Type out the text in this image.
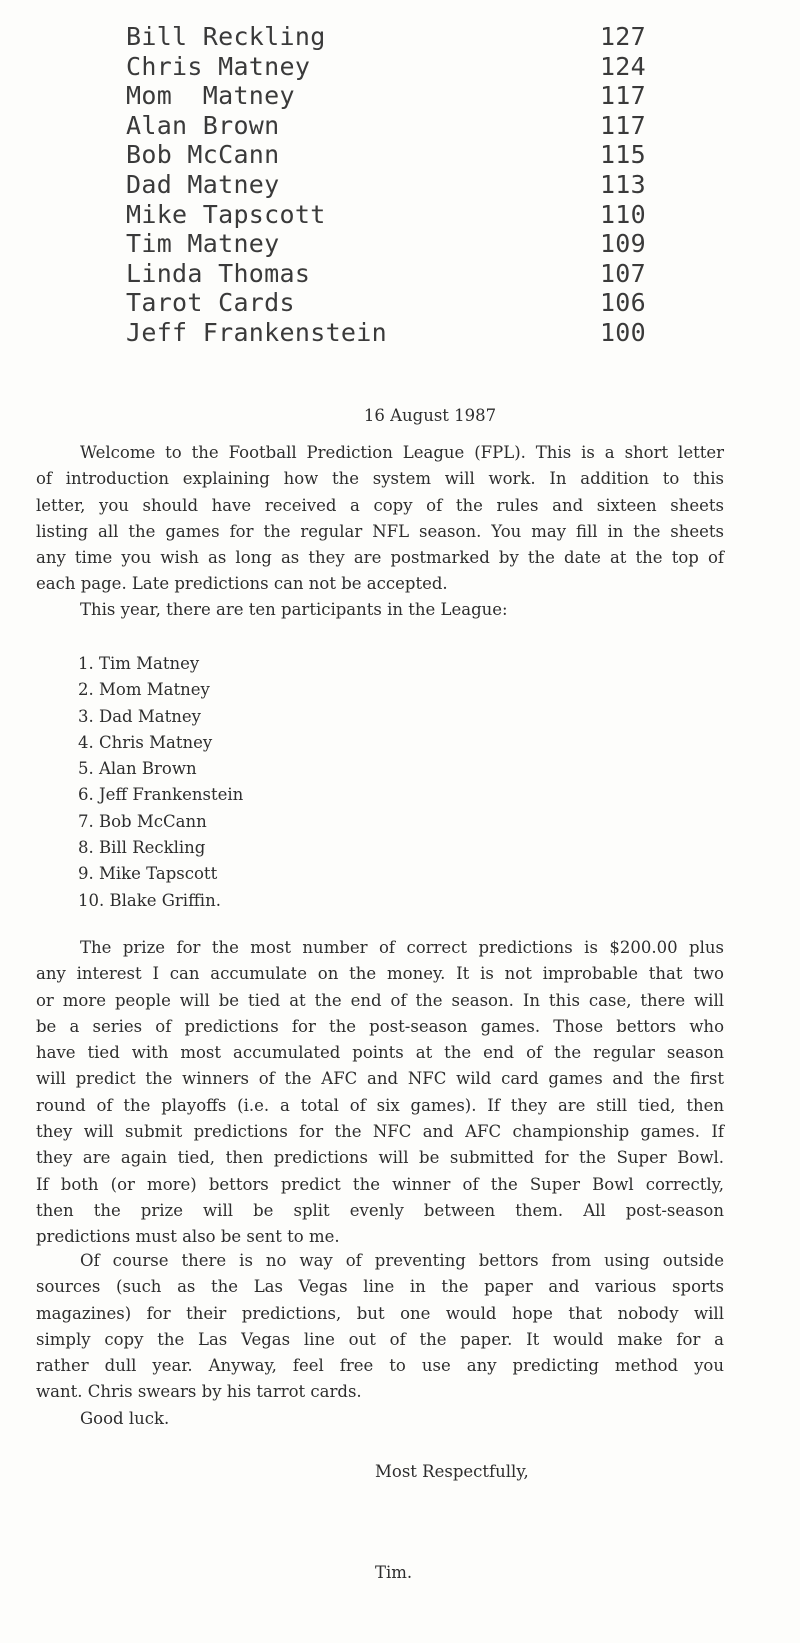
Bill Reckling	127
Chris Matney	124
Mom  Matney	117
Alan Brown	117
Bob McCann	115
Dad Matney	113
Mike Tapscott	110
Tim Matney	109
Linda Thomas	107
Tarot Cards	106
Jeff Frankenstein	100
16 August 1987
Welcome to the Football Prediction League (FPL). This is a short letter
of introduction explaining how the system will work. In addition to this
letter, you should have received a copy of the rules and sixteen sheets
listing all the games for the regular NFL season. You may fill in the sheets
any time you wish as long as they are postmarked by the date at the top of
each page. Late predictions can not be accepted.
This year, there are ten participants in the League:
1. Tim Matney
2. Mom Matney
3. Dad Matney
4. Chris Matney
5. Alan Brown
6. Jeff Frankenstein
7. Bob McCann
8. Bill Reckling
9. Mike Tapscott
10. Blake Griffin.
The prize for the most number of correct predictions is $200.00 plus
any interest I can accumulate on the money. It is not improbable that two
or more people will be tied at the end of the season. In this case, there will
be a series of predictions for the post-season games. Those bettors who
have tied with most accumulated points at the end of the regular season
will predict the winners of the AFC and NFC wild card games and the first
round of the playoffs (i.e. a total of six games). If they are still tied, then
they will submit predictions for the NFC and AFC championship games. If
they are again tied, then predictions will be submitted for the Super Bowl.
If both (or more) bettors predict the winner of the Super Bowl correctly,
then the prize will be split evenly between them. All post-season
predictions must also be sent to me.
Of course there is no way of preventing bettors from using outside
sources (such as the Las Vegas line in the paper and various sports
magazines) for their predictions, but one would hope that nobody will
simply copy the Las Vegas line out of the paper. It would make for a
rather dull year. Anyway, feel free to use any predicting method you
want. Chris swears by his tarrot cards.
Good luck.
Most Respectfully,
Tim.
